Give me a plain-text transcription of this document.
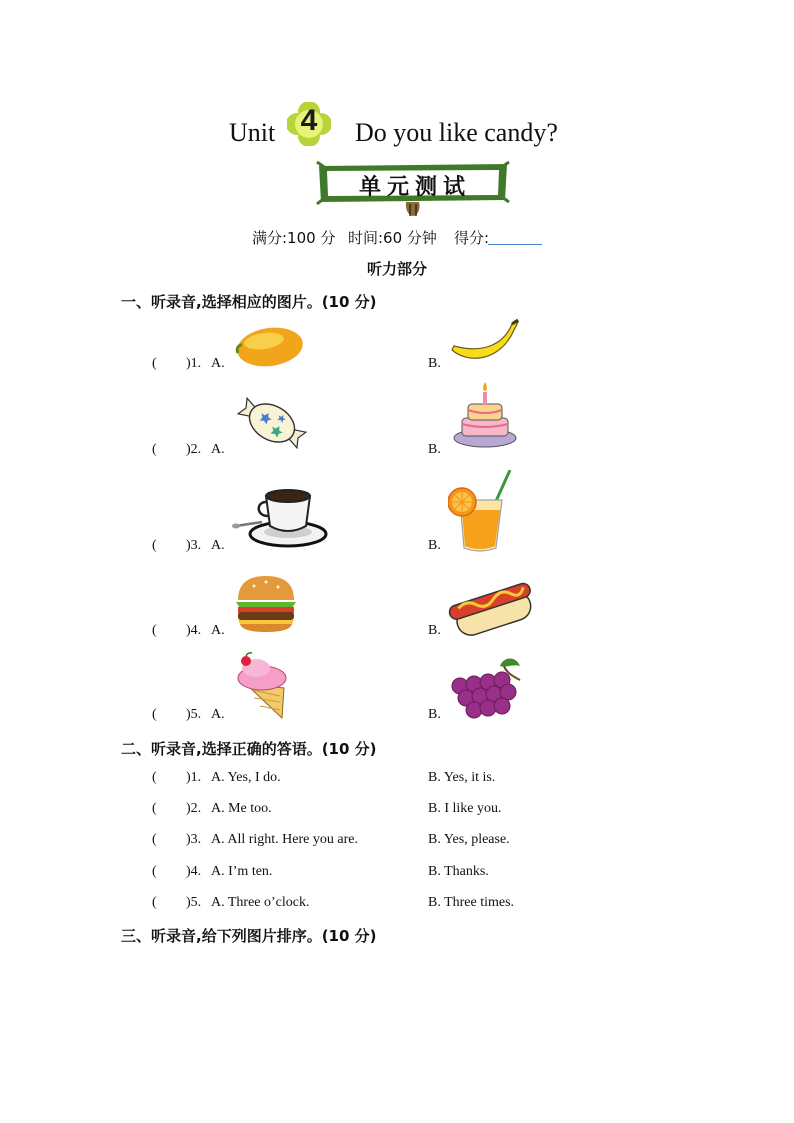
Unit 4	Do you like candy?
单元测试
满分:100 分 时间:60 分钟 得分:
听力部分
一、听录音,选择相应的图片。(10 分)
( )1. A.	B.
( )2. A.	B.
( )3. A.	B.
( )4. A.	B.
( )5. A.	B.
二、听录音,选择正确的答语。(10 分)
( )1. A. Yes, I do.	B. Yes, it is.
( )2. A. Me too.	B. I like you.
( )3. A. All right. Here you are.	B. Yes, please.
( )4. A. I’m ten.	B. Thanks.
( )5. A. Three o’clock.	B. Three times.
三、听录音,给下列图片排序。(10 分)
